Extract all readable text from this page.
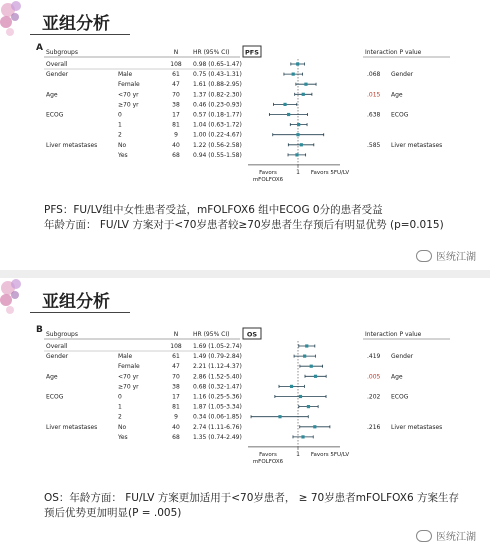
亚组分析
A Subgroups	N HR (95% CI)	Interaction P value
PFS
Overall	108 0.98 (0.65-1.47)
Gender	Male	61 0.75 (0.43-1.31)
Female	47 1.61 (0.88-2.95)
Age	<70 yr	70 1.37 (0.82-2.30)
≥70 yr	38 0.46 (0.23-0.93)
ECOG	0	17 0.57 (0.18-1.77)
1	81 1.04 (0.63-1.72)
2	9	1.00 (0.22-4.67)
Liver metastases	No	40 1.22 (0.56-2.58)
Yes	68 0.94 (0.55-1.58)
.068 Gender
.015 Age
.638 ECOG
.585 Liver metastases
1
Favors
mFOLFOX6
Favors 5FU/LV
PFS：FU/LV组中女性患者受益，mFOLFOX6 组中ECOG 0分的患者受益
年龄方面： FU/LV 方案对于<70岁患者较≥70岁患者生存预后有明显优势 (p=0.015)
医统江湖
亚组分析
B Subgroups	N HR (95% CI)	Interaction P value
OS
Overall	108 1.69 (1.05-2.74)
Gender	Male	61 1.49 (0.79-2.84)
Female	47 2.21 (1.12-4.37)
Age	<70 yr	70 2.86 (1.52-5.40)
≥70 yr	38 0.68 (0.32-1.47)
ECOG	0	17 1.16 (0.25-5.36)
1	81 1.87 (1.05-3.34)
2	9	0.34 (0.06-1.85)
Liver metastases	No	40 2.74 (1.11-6.76)
Yes	68 1.35 (0.74-2.49)
.419 Gender
.005 Age
.202 ECOG
.216 Liver metastases
1
Favors
mFOLFOX6
Favors 5FU/LV
OS：年龄方面： FU/LV 方案更加适用于<70岁患者， ≥ 70岁患者mFOLFOX6 方案生存
预后优势更加明显(P = .005)
医统江湖
